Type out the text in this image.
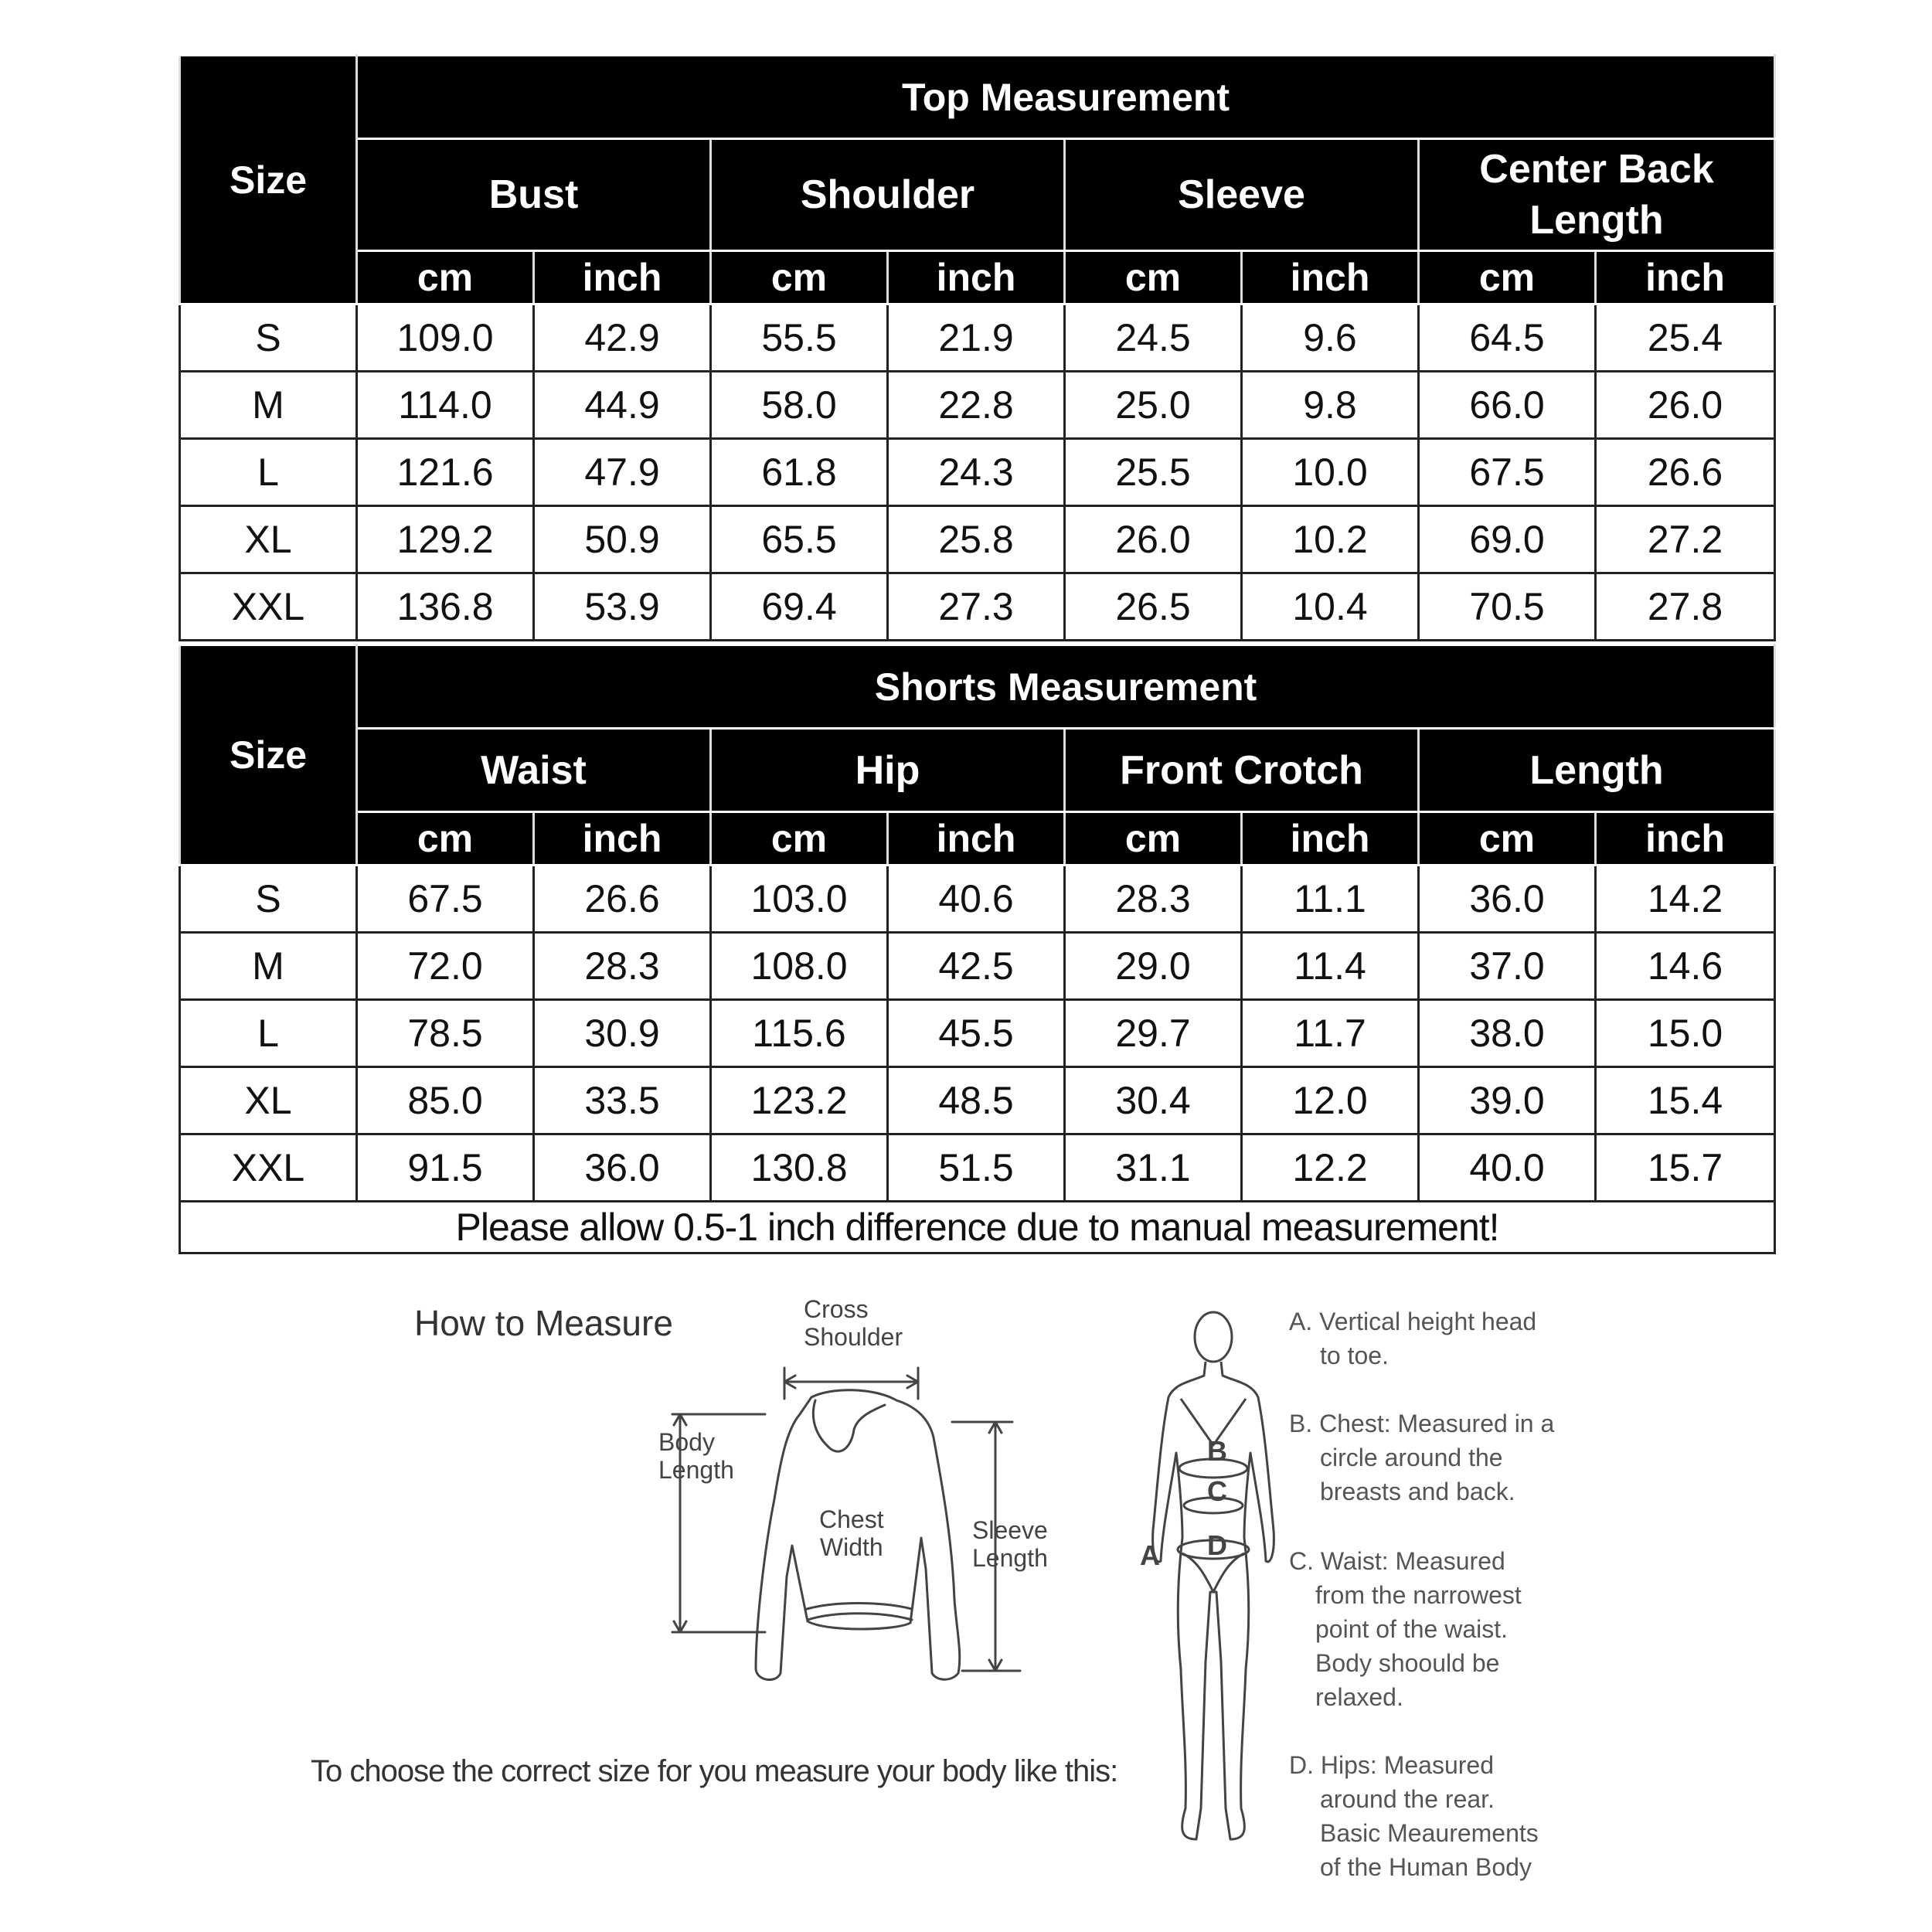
Size	Top Measurement							
	Bust		Shoulder		Sleeve		Center Back Length	
	cm	inch	cm	inch	cm	inch	cm	inch
S	109.0	42.9	55.5	21.9	24.5	9.6	64.5	25.4
M	114.0	44.9	58.0	22.8	25.0	9.8	66.0	26.0
L	121.6	47.9	61.8	24.3	25.5	10.0	67.5	26.6
XL	129.2	50.9	65.5	25.8	26.0	10.2	69.0	27.2
XXL	136.8	53.9	69.4	27.3	26.5	10.4	70.5	27.8
Size	Shorts Measurement							
	Waist		Hip		Front Crotch		Length	
	cm	inch	cm	inch	cm	inch	cm	inch
S	67.5	26.6	103.0	40.6	28.3	11.1	36.0	14.2
M	72.0	28.3	108.0	42.5	29.0	11.4	37.0	14.6
L	78.5	30.9	115.6	45.5	29.7	11.7	38.0	15.0
XL	85.0	33.5	123.2	48.5	30.4	12.0	39.0	15.4
XXL	91.5	36.0	130.8	51.5	31.1	12.2	40.0	15.7
Please allow 0.5-1 inch difference due to manual measurement!								
How to Measure	Cross
Shoulder
Body
Length
Chest
Width
Sleeve
Length
To choose the correct size for you measure your body like this:
A
B
C
D
A. Vertical height head
to toe.
B. Chest: Measured in a
circle around the
breasts and back.
C. Waist: Measured
from the narrowest
point of the waist.
Body shoould be
relaxed.
D. Hips: Measured
around the rear.
Basic Meaurements
of the Human Body
